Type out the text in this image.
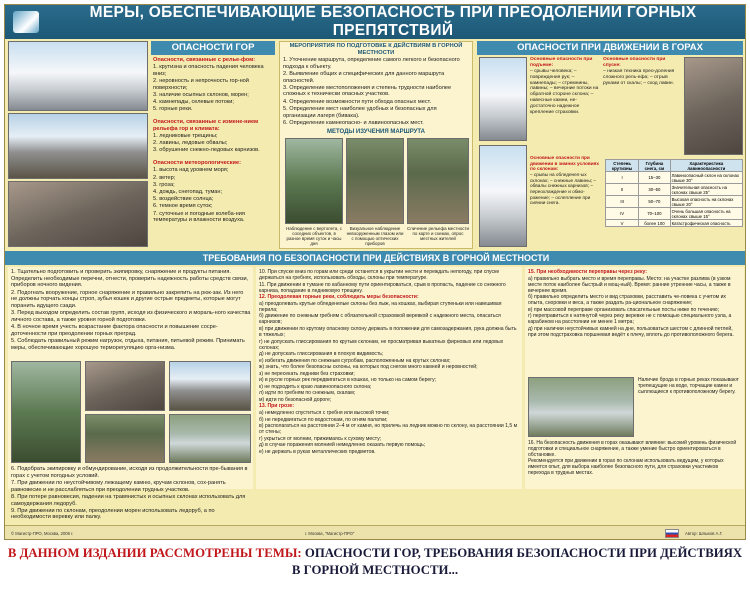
МЕРЫ, ОБЕСПЕЧИВАЮЩИЕ БЕЗОПАСНОСТЬ ПРИ ПРЕОДОЛЕНИИ ГОРНЫХ ПРЕПЯТСТВИЙ
ОПАСНОСТИ ГОР

Опасности, связанные с релье-фом:

1. крутизна и опасность падения человека вниз;

2. неровность и непрочность гор-ной поверхности;

3. наличие осыпных склонов, морен;

4. камнепады, селевые потоки;

5. горные реки.

Опасности, связанные с измене-нием рельефа гор и климата:

1. ледниковые трещины;

2. лавины, ледовые обвалы;

3. обрушение снежно-ледовых карнизов.

Опасности метеорологические:

1. высота над уровнем моря;

2. ветер;

3. гроза;

4. дождь, снегопад, туман;

5. воздействие солнца;

6. темное время суток;

7. суточные и погодные колеба-ния температуры и влажности воздуха.

МЕРОПРИЯТИЯ ПО ПОДГОТОВКЕ К ДЕЙСТВИЯМ В ГОРНОЙ МЕСТНОСТИ

1. Уточнение маршрута, определение самого легкого и безопасного подхода к объекту.

2. Выявление общих и специфических для данного маршрута опасностей.

3. Определение местоположения и степень трудности наиболее сложных к технически опасных участков.

4. Определение возможности пути обхода опасных мест.

5. Определение мест наиболее удобных и безопасных для организации лагеря (бивака).

6. Определение камнеопасно- и лавиноопасных мест.

МЕТОДЫ ИЗУЧЕНИЯ МАРШРУТА
Наблюдение с вертолета, с соседних объектов, в разное время суток и часы дня
Визуальное наблюдение невооруженным глазом или с помощью оптических приборов
Сличение рельефа местности по карте и схемах, опрос местных жителей
ОПАСНОСТИ ПРИ ДВИЖЕНИИ В ГОРАХ

Основные опасности при подъеме:

– срывы человека; – повреждения рук; – камнепады; – стремнины, лавины; – вечерние потоки на обратной стороне склона; – навесные камни, не-достаточно надежное крепление страховки.

Основные опасности при спуске:

– низкая техника прео-доления сложного рель-ефа; – отрыв руками от скалы; – сход лавин.

Основные опасности при движении в зимних условиях по склонам:

– срывы на обледенел-ых склонах; – снежные лавины; – обвалы снежных карнизов; – переохлаждение и обмо-рожение; – ослепление при сиянии снега.

Степень крутизны	Глубина снега, см	Характеристика лавиноопасности
I	15–30	Лавиноопасный склон на склонах свыше 30°
II	30–50	Значительная опасность на склонах свыше 25°
III	50–70	Высокая опасность на склонах свыше 20°
IV	70–100	Очень большая опасность на склонах свыше 15°
V	более 100	Катастрофическая опасность
ТРЕБОВАНИЯ ПО БЕЗОПАСНОСТИ ПРИ ДЕЙСТВИЯХ В ГОРНОЙ МЕСТНОСТИ

1. Тщательно подготовить и проверить экипировку, снаряжение и продукты питания. Определить необходимые перечни, отнести, проверить надежность работы средств связи, приборов ночного видения.

2. Подогнать вооружение, горное снаряжение и правильно закрепить на рюк-зак. Из него не должны торчать концы строп, зубья кошек и другие острые предметы, которые могут поранить идущего сзади.

3. Перед выходом определить состав групп, исходя из физического и мораль-ного качества личного состава, а также уровня горной подготовки.

4. В ночное время учесть возрастание фактора опасности и повышение сосре-доточенности при преодолении горных преград.

5. Соблюдать правильный режим нагрузок, отдыха, питания, питьевой режим. Принимать меры, обеспечивающие хорошую терморегуляцию орга-низма.

6. Подобрать экипировку и обмундирование, исходя из продолжительности пре-бывания в горах с учетом погодных условий.

7. При движении по неустойчивому лежащему камню, кручам склонов, сох-ранять равновесие и не расслабляться при преодолении трудных участков.

8. При потере равновесия, падении на травянистых и осыпных склонах использовать для самоудержания ледоруб.

9. При движении по склонам, преодолении морен использовать ледоруб, а по необходимости веревку или палку.

10. При спуске вниз по горам или среди останется в укрытии нести и переждать непогоду, при спуске держаться на гребнях, использовать обходы, склоны при температуре.

11. При движении в тумане по кабанному пути ориентироваться, срыв в пропасть, падение со снежного карниза, попадание в ледниковую трещину.

12. Преодолевая горные реки, соблюдать меры безопасности:

а) преодолевать крутые обледенелые склоны без лыж, на кошках, выбирая ступеньки или навешивая перила;

б) движение по снежным гребням с обязательной страховкой веревкой с надежного места, опасаться карнизов;

в) при движении по крутому опасному склону держать в положении для самозадержания, рука должна быть в тяжелых;

г) не допускать глиссирования по крутым склонам, не просматривая выкатных фирновых или ледовых склонах;

д) не допускать глиссирования в плохую видимость;

е) избегать движения по снежным сугробам, расположенным на крутых склонах;

ж) знать, что более безопасны склоны, на которых под снегом много камней и неровностей;

з) не пересекать ледники без страховки;

и) в русле горных рек передвигаться в кошках, но только на самом берегу;

к) не подходить к краю лавиноопасного склона;

л) идти по гребням по снежным, скалам;

м) идти по безопасной дороге;

13. При грозе:

а) немедленно спуститься с гребня или высокой точки;

б) не передвигаться по водостокам, по огням палатки;

в) располагаться на расстоянии 2–4 м от камня, но прилечь на ледник можно по склону, на расстоянии 1,5 м от стены;

г) укрыться от молнии, прижимаясь к сухому месту;

д) в случае поражения молнией немедленно оказать первую помощь;

е) не держать в руках металлических предметов.

15. При необходимости переправы через реку:

а) правильно выбрать место и время переправы. Место: на участке разлива (в узком месте поток наиболее быстрый и мощ-ный). Время: ранние утренние часы, а также в вечернее время.

б) правильно определить место и вид страховки, расставить че-ловека с учетом их опыта, сноровки и веса, а также раздать ра-циональное снаряжение;

в) при массовой переправе организовать спасательные посты ниже по течению;

г) переправиться к натянутой через реку веревке не с помощью специального узла, а карабином на расстоянии не менее 1 метра;

д) при наличии неустойчивых камней на дне, пользоваться шестом с длинной петлей, при этом подстраховка поршневая ведёт к плечу, вплоть до противоположного берега.

Наличие брода в горных реках показывают трепещущие на воде, торчащие камни и сыплющиеся к противоположному берегу.

16. На безопасность движения в горах оказывают влияние: высокий уровень физической подготовки и специальное снаряжение, а также умение быстро ориентироваться в обстановке.

Рекомендуется при движении в горах по склонам использовать ведущим, у которых имеется опыт, для выбора наиболее безопасного пути, для страховки участников перехода в трудных местах.

© Магистр-ПРО, Москва, 2006 г.	г. Москва, "Магистр-ПРО"	Автор: Шлыков А.Г.
В ДАННОМ ИЗДАНИИ РАССМОТРЕНЫ ТЕМЫ: ОПАСНОСТИ ГОР, ТРЕБОВАНИЯ БЕЗОПАСНОСТИ ПРИ ДЕЙСТВИЯХ
В ГОРНОЙ МЕСТНОСТИ...
